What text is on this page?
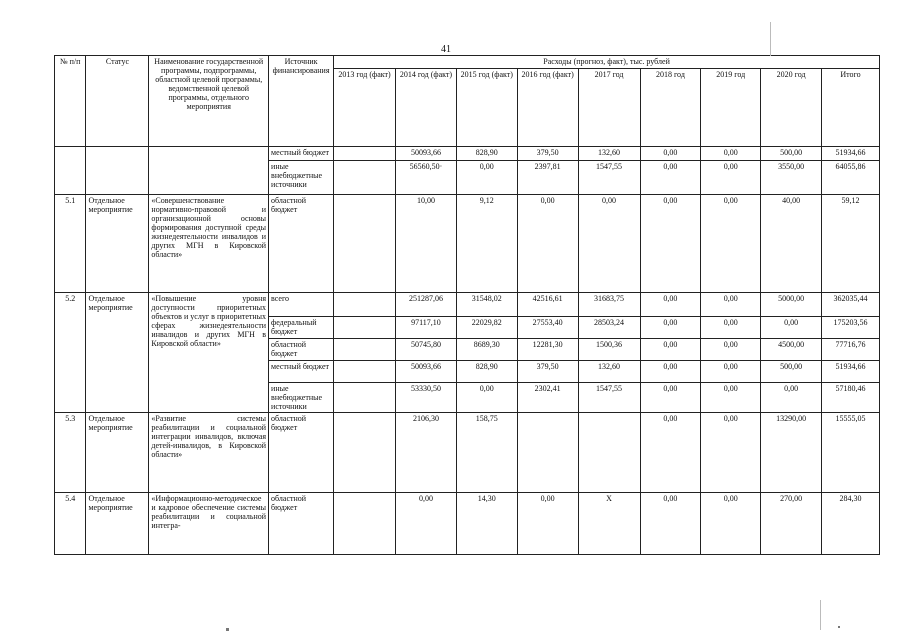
41
№ п/п	Статус	Наименование государственной программы, подпрограммы, областной целевой программы, ведомственной целевой программы, отдельного мероприятия	Источник финансирования	Расходы (прогноз, факт), тыс. рублей								
				2013 год (факт)	2014 год (факт)	2015 год (факт)	2016 год (факт)	2017 год	2018 год	2019 год	2020 год	Итого
			местный бюджет		50093,66	828,90	379,50	132,60	0,00	0,00	500,00	51934,66
			иные внебюджетные источники		56560,50·	0,00	2397,81	1547,55	0,00	0,00	3550,00	64055,86
5.1	Отдельное мероприятие	«Совершенствование нормативно-правовой и организационной основы формирования доступной среды жизнедеятельности инвалидов и других МГН в Кировской области»	областной бюджет		10,00	9,12	0,00	0,00	0,00	0,00	40,00	59,12
5.2	Отдельное мероприятие	«Повышение уровня доступности приоритетных объектов и услуг в приоритетных сферах жизнедеятельности инвалидов и других МГН в Кировской области»	всего		251287,06	31548,02	42516,61	31683,75	0,00	0,00	5000,00	362035,44
			федеральный бюджет		97117,10	22029,82	27553,40	28503,24	0,00	0,00	0,00	175203,56
			областной бюджет		50745,80	8689,30	12281,30	1500,36	0,00	0,00	4500,00	77716,76
			местный бюджет		50093,66	828,90	379,50	132,60	0,00	0,00	500,00	51934,66
			иные внебюджетные источники		53330,50	0,00	2302,41	1547,55	0,00	0,00	0,00	57180,46
5.3	Отдельное мероприятие	«Развитие системы реабилитации и социальной интеграции инвалидов, включая детей-инвалидов, в Кировской области»	областной бюджет		2106,30	158,75			0,00	0,00	13290,00	15555,05
5.4	Отдельное мероприятие	«Информационно-методическое и кадровое обеспечение системы реабилитации и социальной интегра-	областной бюджет		0,00	14,30	0,00	X	0,00	0,00	270,00	284,30
